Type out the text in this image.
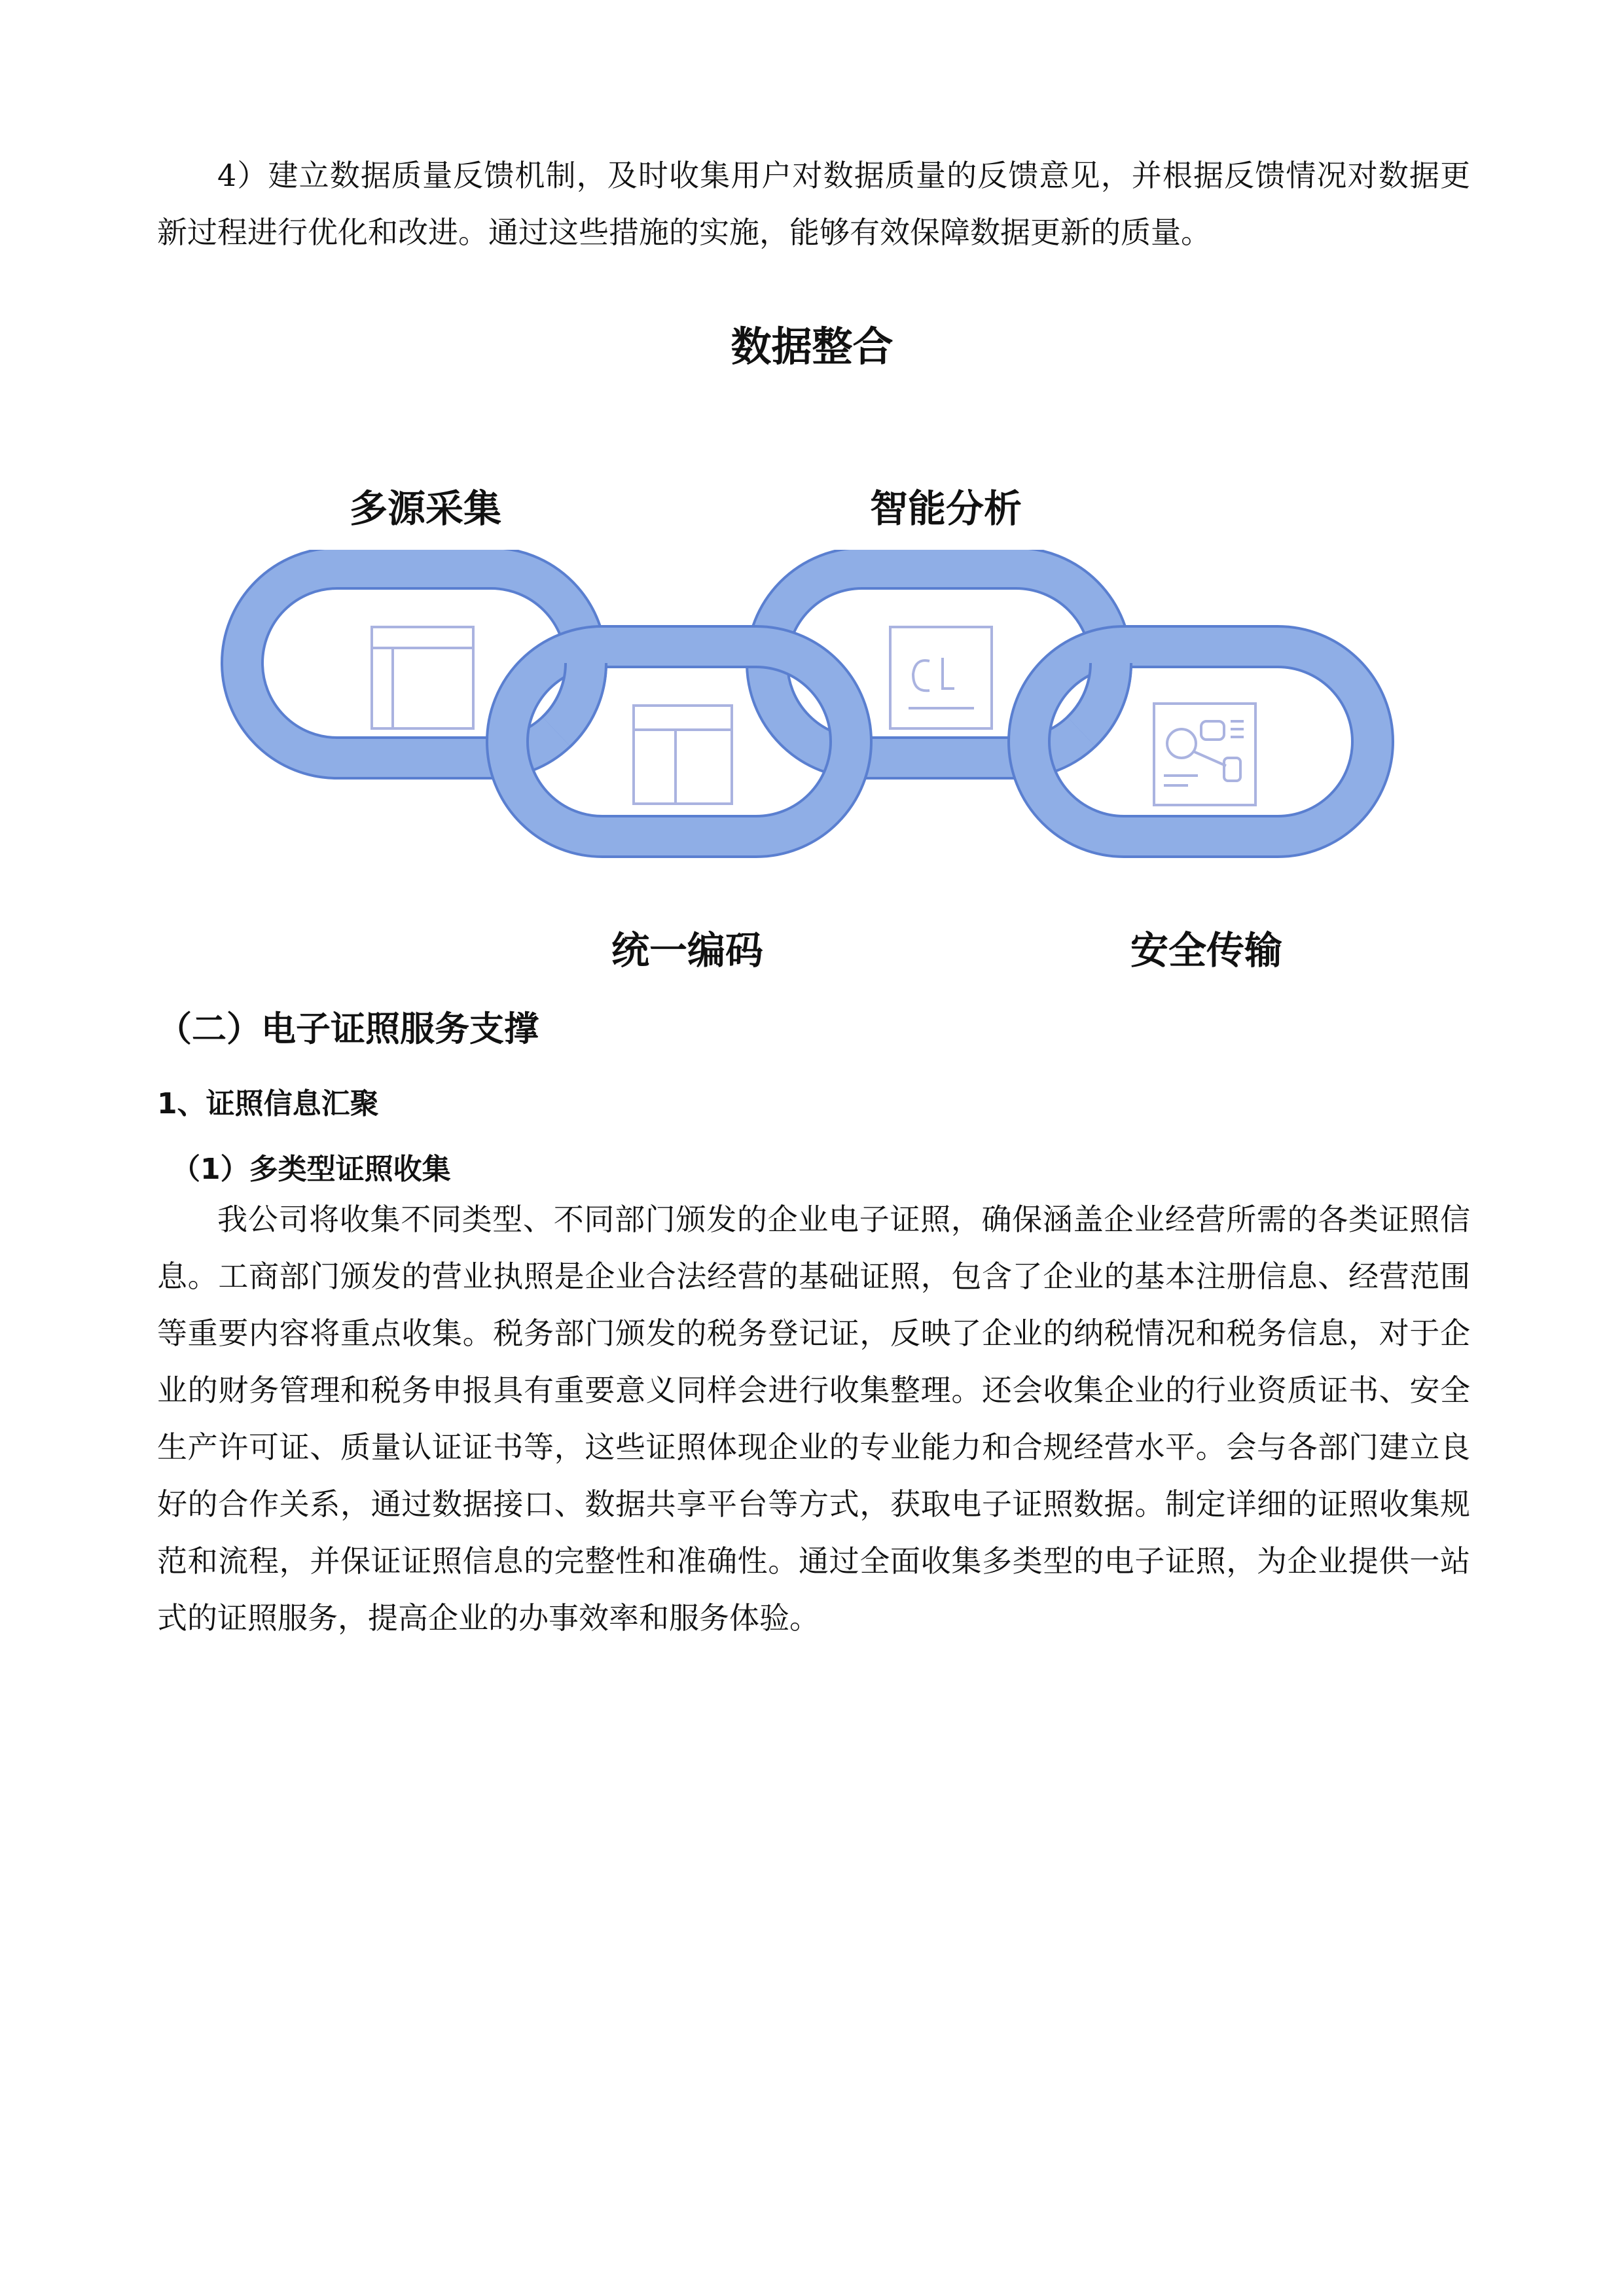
4）建立数据质量反馈机制，及时收集用户对数据质量的反馈意见，并根据反馈情况对数据更新过程进行优化和改进。通过这些措施的实施，能够有效保障数据更新的质量。

数据整合
多源采集	智能分析
统一编码	安全传输
（二）电子证照服务支撑
1、证照信息汇聚
（1）多类型证照收集

我公司将收集不同类型、不同部门颁发的企业电子证照，确保涵盖企业经营所需的各类证照信息。工商部门颁发的营业执照是企业合法经营的基础证照，包含了企业的基本注册信息、经营范围等重要内容将重点收集。税务部门颁发的税务登记证，反映了企业的纳税情况和税务信息，对于企业的财务管理和税务申报具有重要意义同样会进行收集整理。还会收集企业的行业资质证书、安全生产许可证、质量认证证书等，这些证照体现企业的专业能力和合规经营水平。会与各部门建立良好的合作关系，通过数据接口、数据共享平台等方式，获取电子证照数据。制定详细的证照收集规范和流程，并保证证照信息的完整性和准确性。通过全面收集多类型的电子证照，为企业提供一站式的证照服务，提高企业的办事效率和服务体验。
